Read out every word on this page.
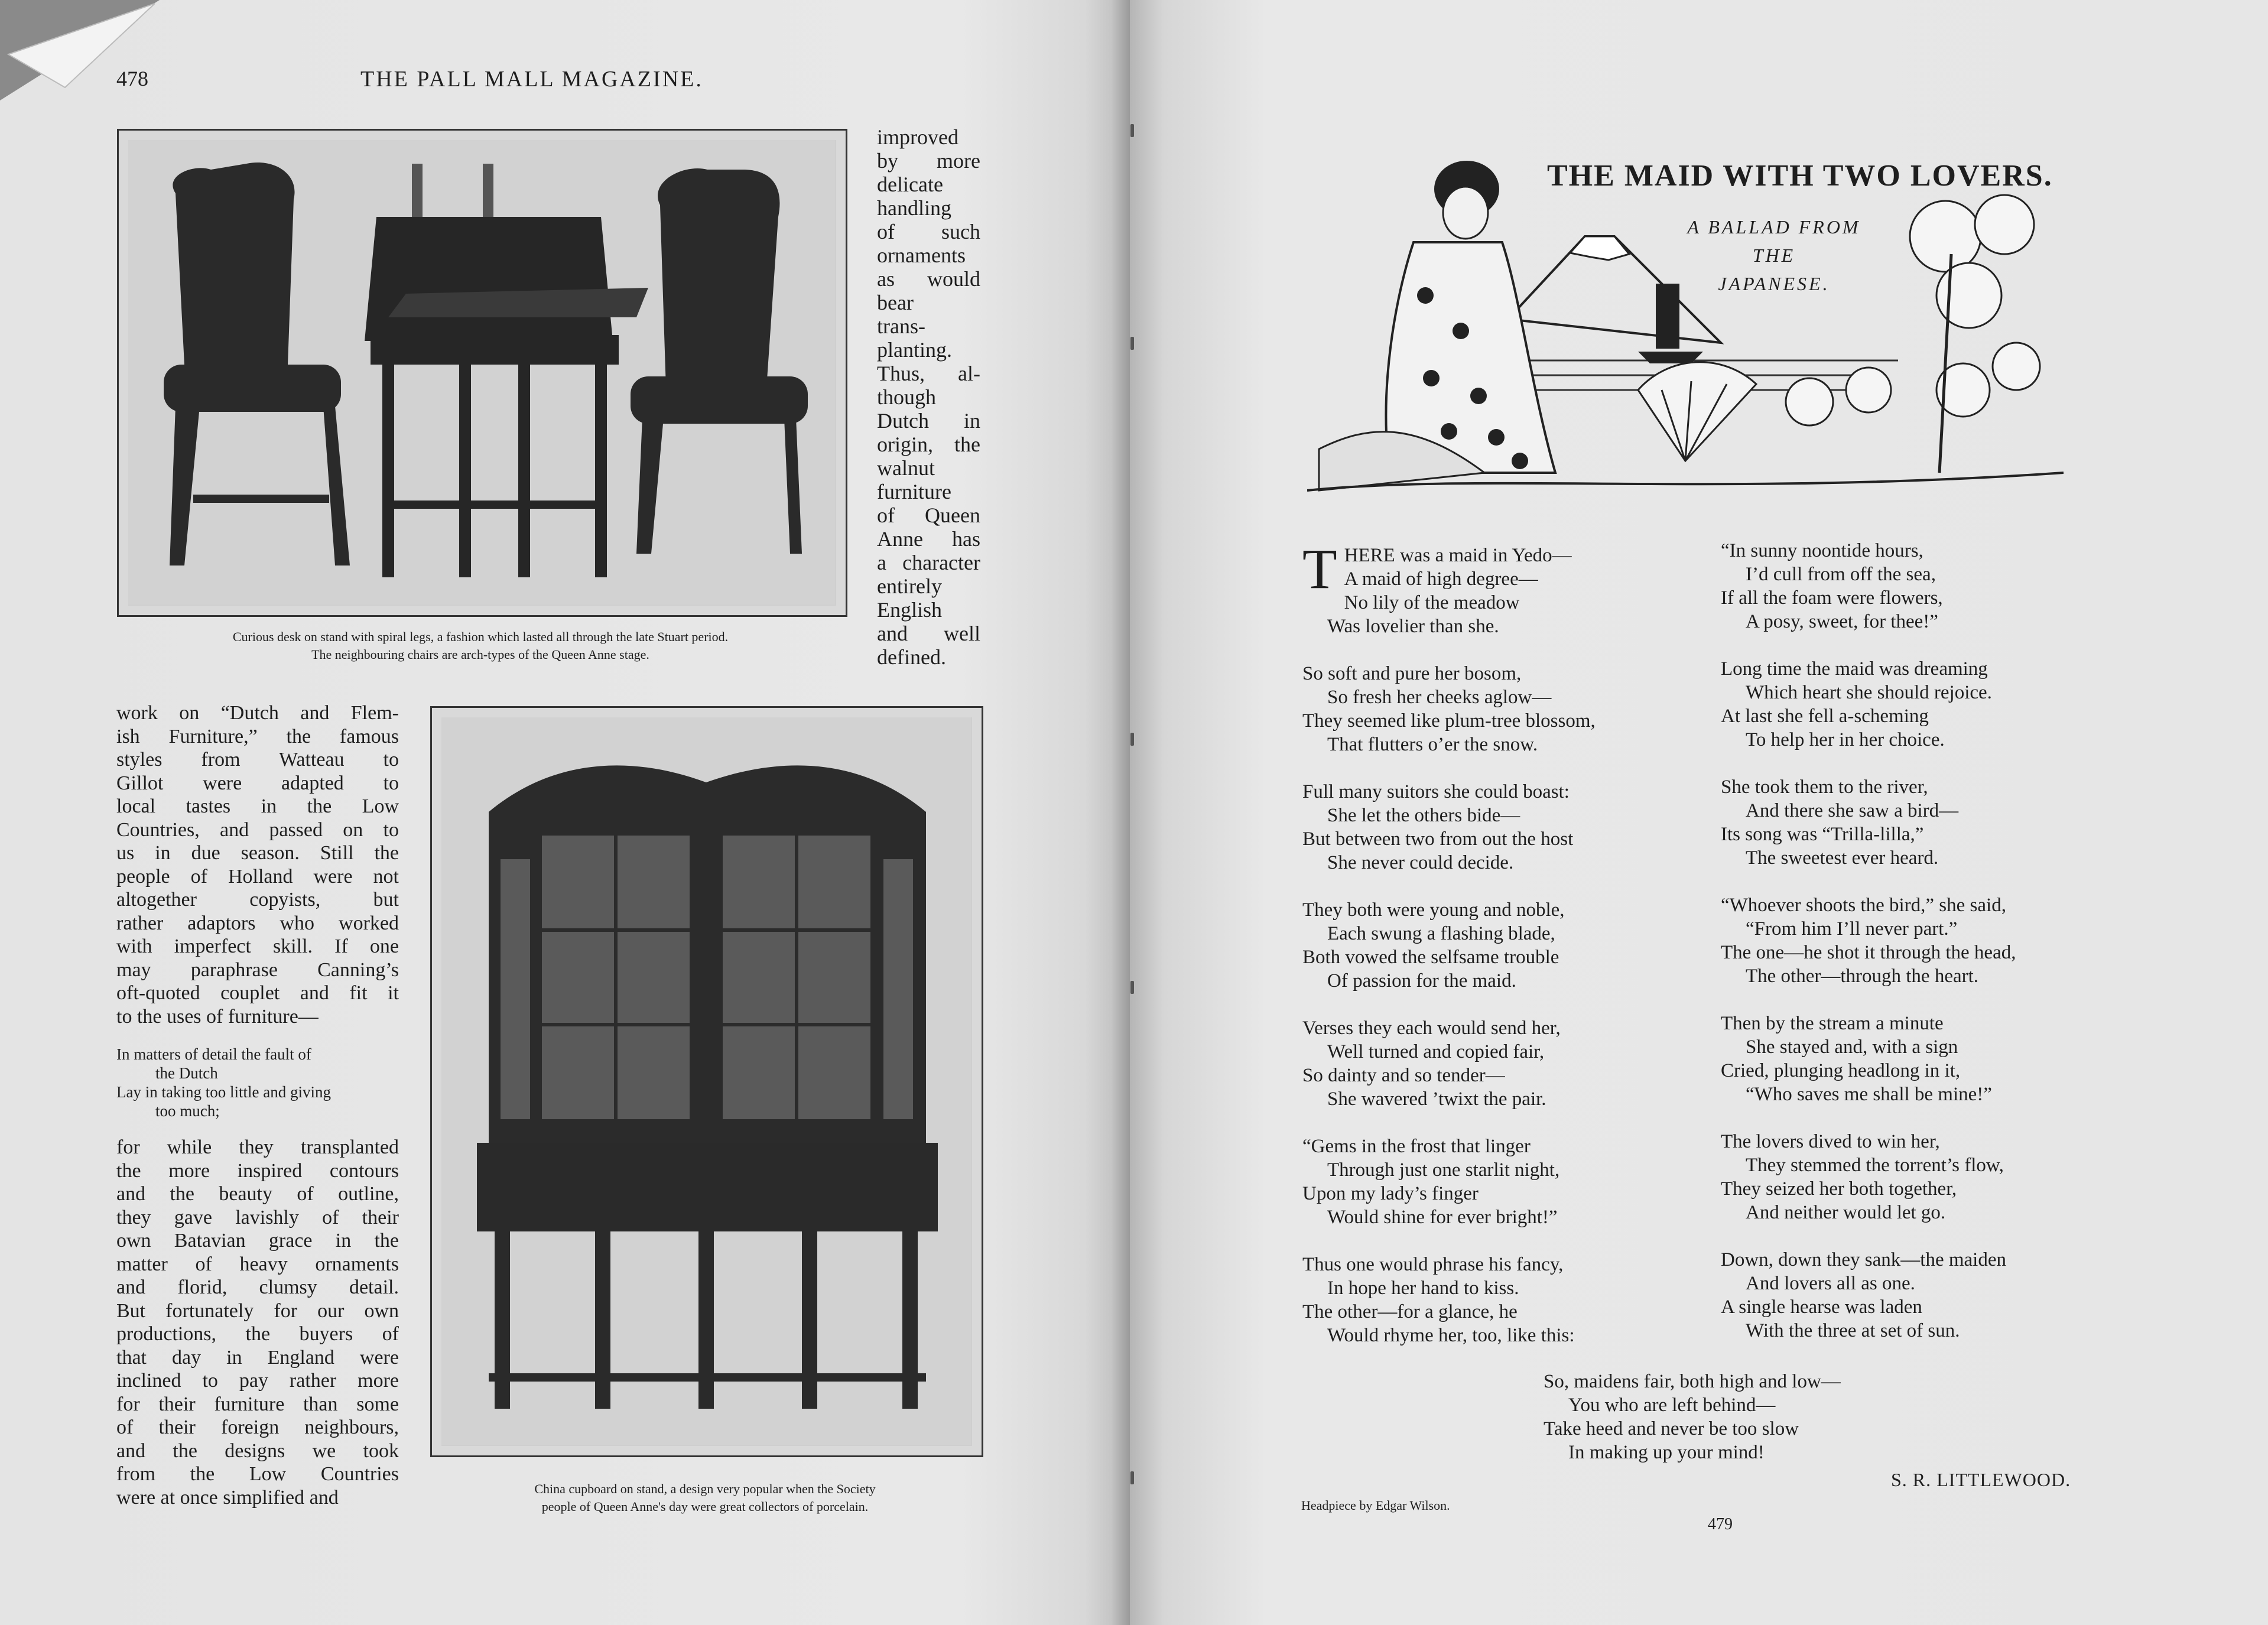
478	THE PALL MALL MAGAZINE.
Curious desk on stand with spiral legs, a fashion which lasted all through the late Stuart period.
The neighbouring chairs are arch-types of the Queen Anne stage.
improved
by more
delicate
handling
of such
ornaments
as would
bear
trans-
planting.
Thus, al-
though
Dutch in
origin, the
walnut
furniture
of Queen
Anne has
a character
entirely
English
and well
defined.
China cupboard on stand, a design very popular when the Society
people of Queen Anne's day were great collectors of porcelain.
work on “Dutch and Flem-
ish Furniture,” the famous
styles from Watteau to
Gillot were adapted to
local tastes in the Low
Countries, and passed on to
us in due season. Still the
people of Holland were not
altogether copyists, but
rather adaptors who worked
with imperfect skill. If one
may paraphrase Canning’s
oft-quoted couplet and fit it
to the uses of furniture—
In matters of detail the fault of
the Dutch
Lay in taking too little and giving
too much;
for while they transplanted
the more inspired contours
and the beauty of outline,
they gave lavishly of their
own Batavian grace in the
matter of heavy ornaments
and florid, clumsy detail.
But fortunately for our own
productions, the buyers of
that day in England were
inclined to pay rather more
for their furniture than some
of their foreign neighbours,
and the designs we took
from the Low Countries
were at once simplified and
THE MAID WITH TWO LOVERS.
A BALLAD FROM
THE
JAPANESE.
T HERE was a maid in Yedo—
A maid of high degree—
No lily of the meadow
Was lovelier than she.
So soft and pure her bosom,
So fresh her cheeks aglow—
They seemed like plum-tree blossom,
That flutters o’er the snow.
Full many suitors she could boast:
She let the others bide—
But between two from out the host
She never could decide.
They both were young and noble,
Each swung a flashing blade,
Both vowed the selfsame trouble
Of passion for the maid.
Verses they each would send her,
Well turned and copied fair,
So dainty and so tender—
She wavered ’twixt the pair.
“Gems in the frost that linger
Through just one starlit night,
Upon my lady’s finger
Would shine for ever bright!”
Thus one would phrase his fancy,
In hope her hand to kiss.
The other—for a glance, he
Would rhyme her, too, like this:
“In sunny noontide hours,
I’d cull from off the sea,
If all the foam were flowers,
A posy, sweet, for thee!”
Long time the maid was dreaming
Which heart she should rejoice.
At last she fell a-scheming
To help her in her choice.
She took them to the river,
And there she saw a bird—
Its song was “Trilla-lilla,”
The sweetest ever heard.
“Whoever shoots the bird,” she said,
“From him I’ll never part.”
The one—he shot it through the head,
The other—through the heart.
Then by the stream a minute
She stayed and, with a sign
Cried, plunging headlong in it,
“Who saves me shall be mine!”
The lovers dived to win her,
They stemmed the torrent’s flow,
They seized her both together,
And neither would let go.
Down, down they sank—the maiden
And lovers all as one.
A single hearse was laden
With the three at set of sun.
So, maidens fair, both high and low—
You who are left behind—
Take heed and never be too slow
In making up your mind!
S. R. LITTLEWOOD.
Headpiece by Edgar Wilson.
479
